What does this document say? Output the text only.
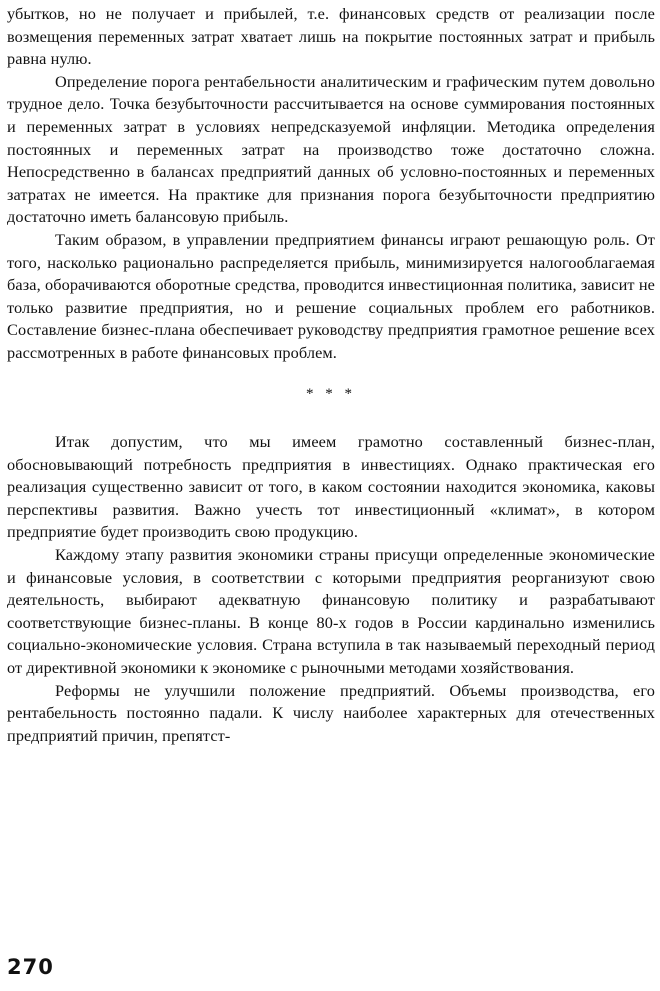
убытков, но не получает и прибылей, т.е. финансовых средств от реализации после возмещения переменных затрат хватает лишь на покрытие постоянных затрат и прибыль равна нулю.

Определение порога рентабельности аналитическим и графическим путем довольно трудное дело. Точка безубыточности рассчитывается на основе суммирования постоянных и переменных затрат в условиях непредсказуемой инфляции. Методика определения постоянных и переменных затрат на производство тоже достаточно сложна. Непосредственно в балансах предприятий данных об условно-постоянных и переменных затратах не имеется. На практике для признания порога безубыточности предприятию достаточно иметь балансовую прибыль.

Таким образом, в управлении предприятием финансы играют решающую роль. От того, насколько рационально распределяется прибыль, минимизируется налогооблагаемая база, оборачиваются оборотные средства, проводится инвестиционная политика, зависит не только развитие предприятия, но и решение социальных проблем его работников. Составление бизнес-плана обеспечивает руководству предприятия грамотное решение всех рассмотренных в работе финансовых проблем.

* * *

Итак допустим, что мы имеем грамотно составленный бизнес-план, обосновывающий потребность предприятия в инвестициях. Однако практическая его реализация существенно зависит от того, в каком состоянии находится экономика, каковы перспективы развития. Важно учесть тот инвестиционный «климат», в котором предприятие будет производить свою продукцию.

Каждому этапу развития экономики страны присущи определенные экономические и финансовые условия, в соответствии с которыми предприятия реорганизуют свою деятельность, выбирают адекватную финансовую политику и разрабатывают соответствующие бизнес-планы. В конце 80-х годов в России кардинально изменились социально-экономические условия. Страна вступила в так называемый переходный период от директивной экономики к экономике с рыночными методами хозяйствования.

Реформы не улучшили положение предприятий. Объемы производства, его рентабельность постоянно падали. К числу наиболее характерных для отечественных предприятий причин, препятст-

270
